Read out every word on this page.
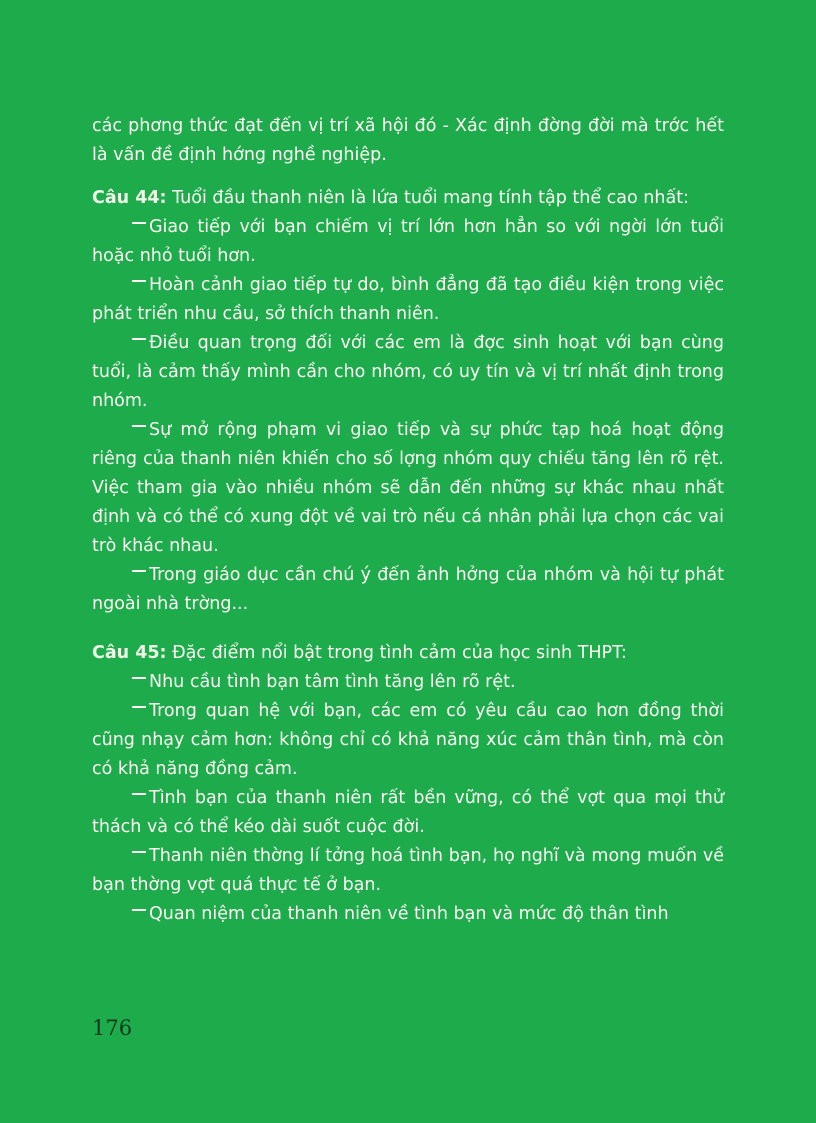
các phơng thức đạt đến vị trí xã hội đó - Xác định đờng đời mà trớc hết là vấn đề định hớng nghề nghiệp.

Câu 44: Tuổi đầu thanh niên là lứa tuổi mang tính tập thể cao nhất:

Giao tiếp với bạn chiếm vị trí lớn hơn hẳn so với ngời lớn tuổi hoặc nhỏ tuổi hơn.

Hoàn cảnh giao tiếp tự do, bình đẳng đã tạo điều kiện trong việc phát triển nhu cầu, sở thích thanh niên.

Điều quan trọng đối với các em là đợc sinh hoạt với bạn cùng tuổi, là cảm thấy mình cần cho nhóm, có uy tín và vị trí nhất định trong nhóm.

Sự mở rộng phạm vi giao tiếp và sự phức tạp hoá hoạt động riêng của thanh niên khiến cho số lợng nhóm quy chiếu tăng lên rõ rệt. Việc tham gia vào nhiều nhóm sẽ dẫn đến những sự khác nhau nhất định và có thể có xung đột về vai trò nếu cá nhân phải lựa chọn các vai trò khác nhau.

Trong giáo dục cần chú ý đến ảnh hởng của nhóm và hội tự phát ngoài nhà trờng...

Câu 45: Đặc điểm nổi bật trong tình cảm của học sinh THPT:

Nhu cầu tình bạn tâm tình tăng lên rõ rệt.

Trong quan hệ với bạn, các em có yêu cầu cao hơn đồng thời cũng nhạy cảm hơn: không chỉ có khả năng xúc cảm thân tình, mà còn có khả năng đồng cảm.

Tình bạn của thanh niên rất bền vững, có thể vợt qua mọi thử thách và có thể kéo dài suốt cuộc đời.

Thanh niên thờng lí tởng hoá tình bạn, họ nghĩ và mong muốn về bạn thờng vợt quá thực tế ở bạn.

Quan niệm của thanh niên về tình bạn và mức độ thân tình

176
